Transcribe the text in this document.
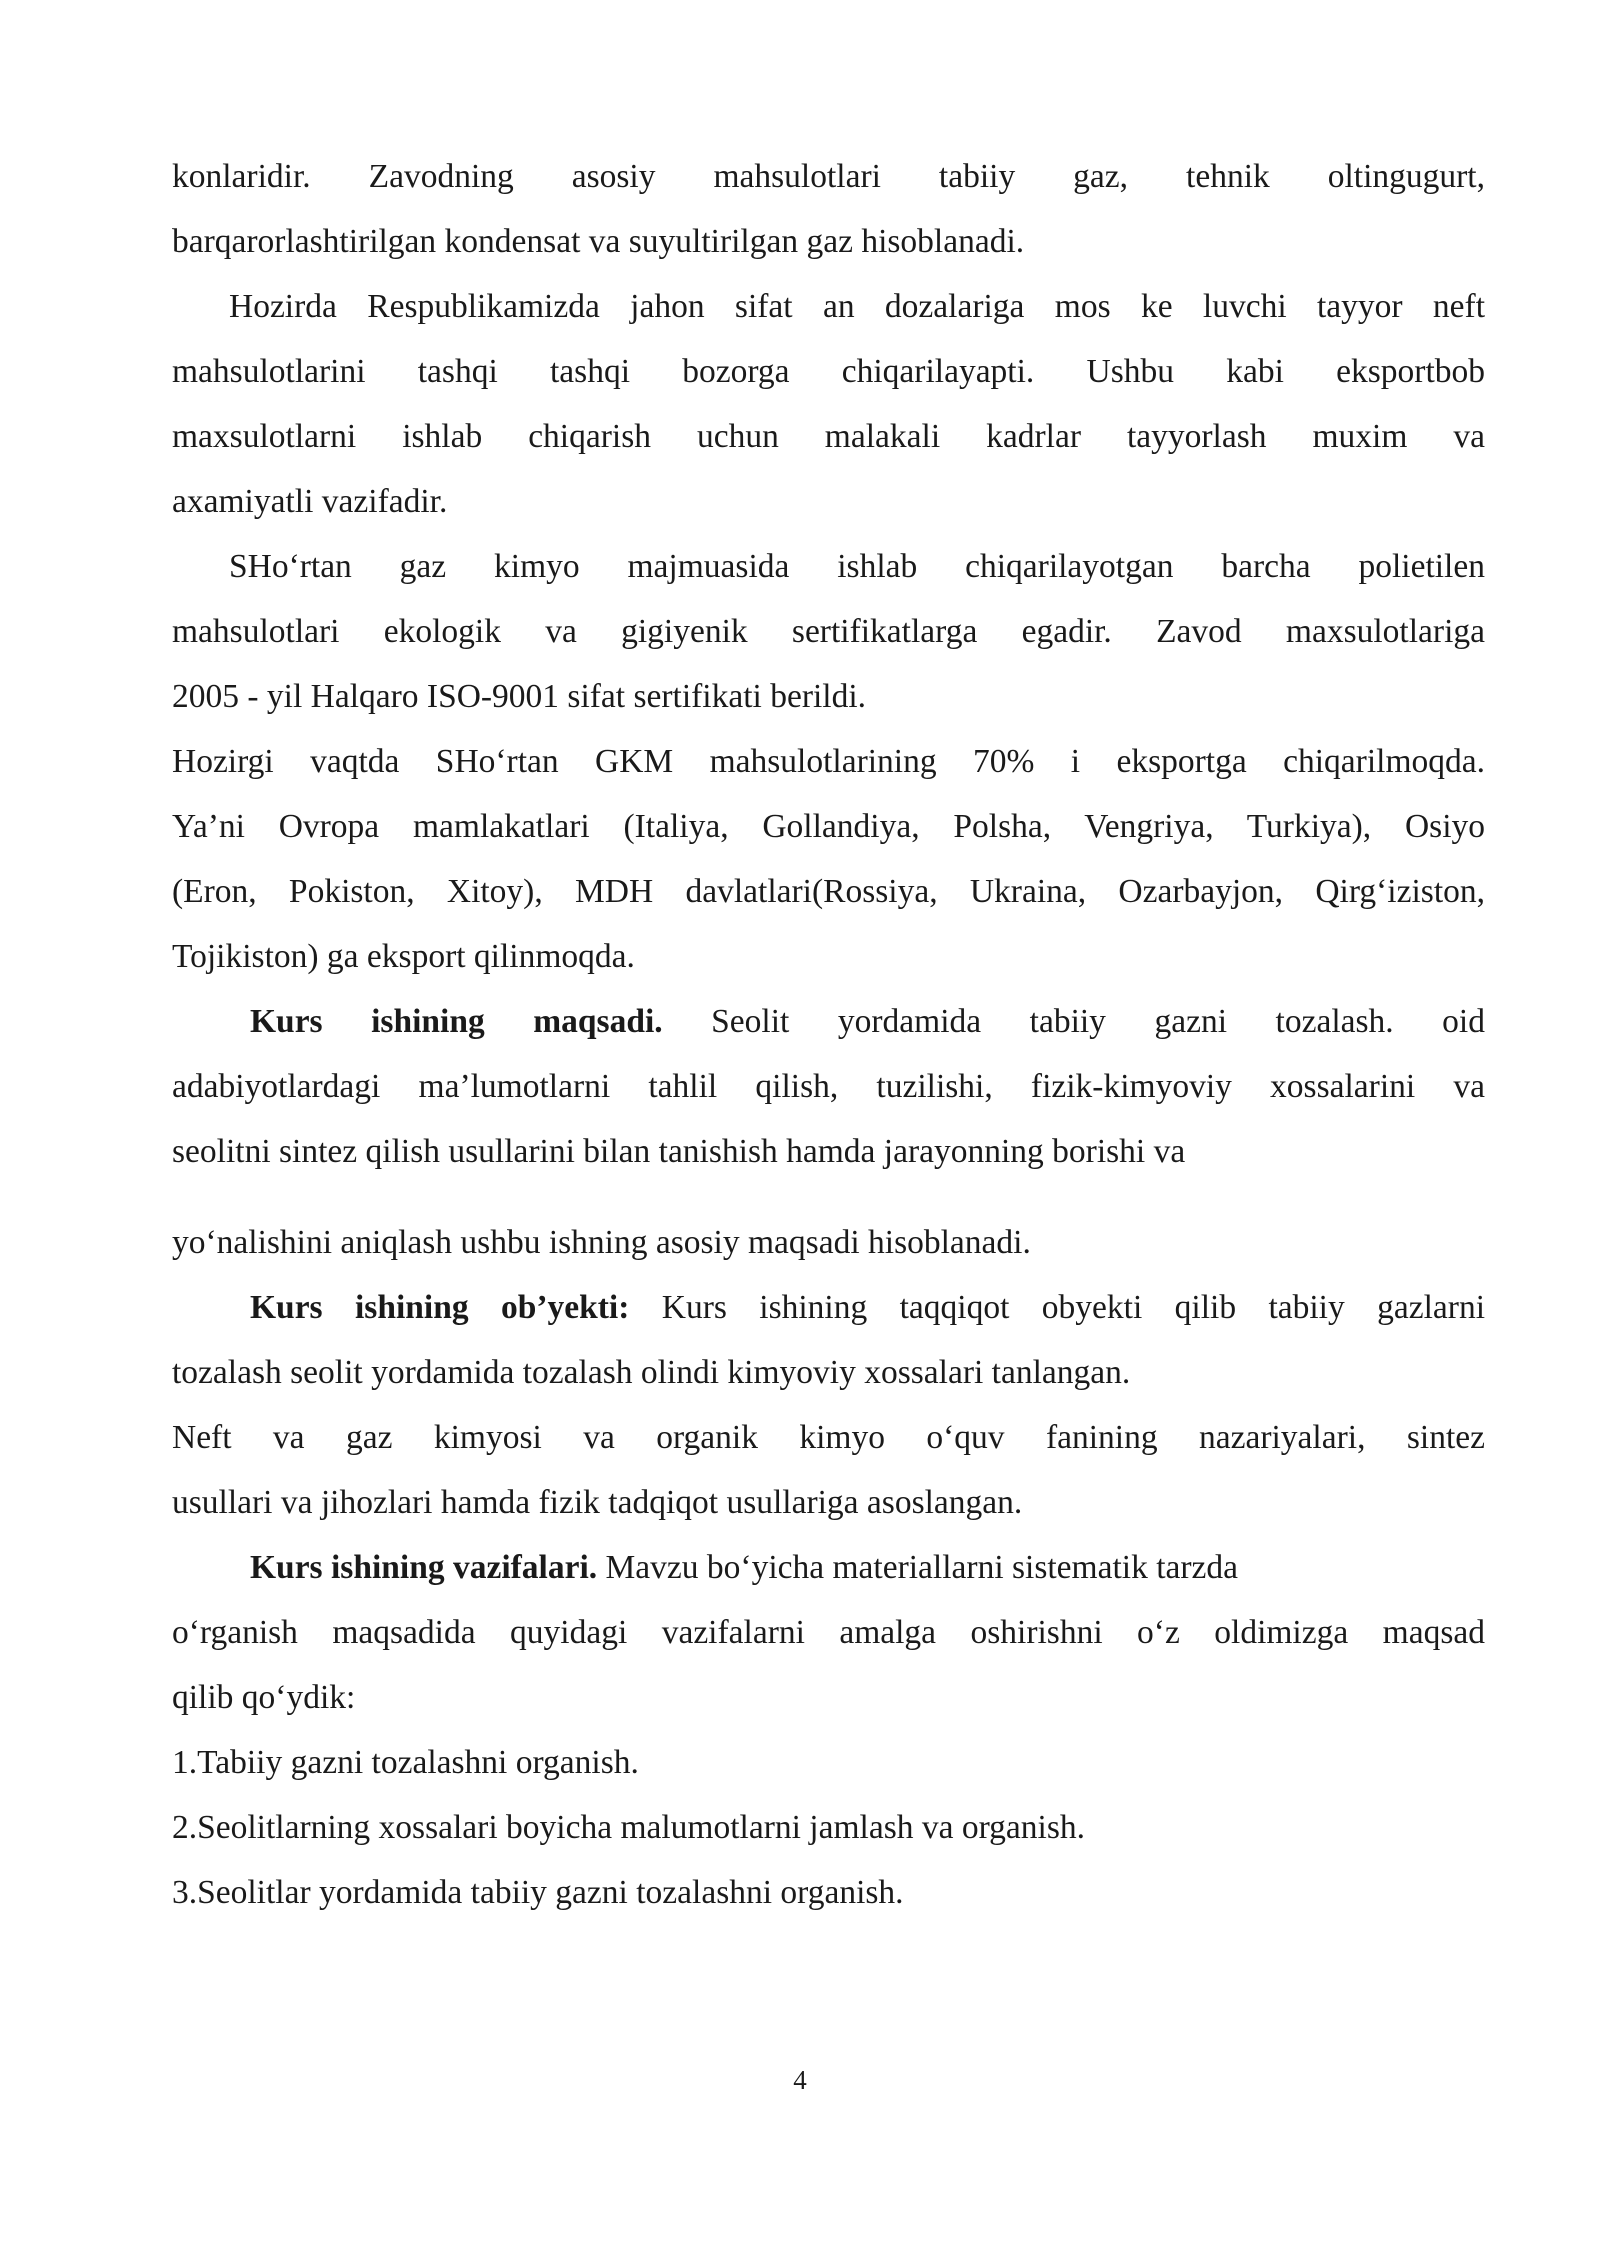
konlaridir. Zavodning asosiy mahsulotlari tabiiy gaz, tehnik oltingugurt,
barqarorlashtirilgan kondensat va suyultirilgan gaz hisoblanadi.
Hozirda Respublikamizda jahon sifat an dozalariga mos ke luvchi tayyor neft
mahsulotlarini tashqi tashqi bozorga chiqarilayapti. Ushbu kabi eksportbob
maxsulotlarni ishlab chiqarish uchun malakali kadrlar tayyorlash muxim va
axamiyatli vazifadir.
SHo‘rtan gaz kimyo majmuasida ishlab chiqarilayotgan barcha polietilen
mahsulotlari ekologik va gigiyenik sertifikatlarga egadir. Zavod maxsulotlariga
2005 - yil Halqaro ISO-9001 sifat sertifikati berildi.
Hozirgi vaqtda SHo‘rtan GKM mahsulotlarining 70% i eksportga chiqarilmoqda.
Ya’ni Ovropa mamlakatlari (Italiya, Gollandiya, Polsha, Vengriya, Turkiya), Osiyo
(Eron, Pokiston, Xitoy), MDH davlatlari(Rossiya, Ukraina, Ozarbayjon, Qirg‘iziston,
Tojikiston) ga eksport qilinmoqda.
Kurs ishining maqsadi. Seolit yordamida tabiiy gazni tozalash. oid
adabiyotlardagi ma’lumotlarni tahlil qilish, tuzilishi, fizik-kimyoviy xossalarini va
seolitni sintez qilish usullarini bilan tanishish hamda jarayonning borishi va
yo‘nalishini aniqlash ushbu ishning asosiy maqsadi hisoblanadi.
Kurs ishining ob’yekti: Kurs ishining taqqiqot obyekti qilib tabiiy gazlarni
tozalash seolit yordamida tozalash olindi kimyoviy xossalari tanlangan.
Neft va gaz kimyosi va organik kimyo o‘quv fanining nazariyalari, sintez
usullari va jihozlari hamda fizik tadqiqot usullariga asoslangan.
Kurs ishining vazifalari. Mavzu bo‘yicha materiallarni sistematik tarzda
o‘rganish maqsadida quyidagi vazifalarni amalga oshirishni o‘z oldimizga maqsad
qilib qo‘ydik:
1.Tabiiy gazni tozalashni organish.
2.Seolitlarning xossalari boyicha malumotlarni jamlash va organish.
3.Seolitlar yordamida tabiiy gazni tozalashni organish.
4
